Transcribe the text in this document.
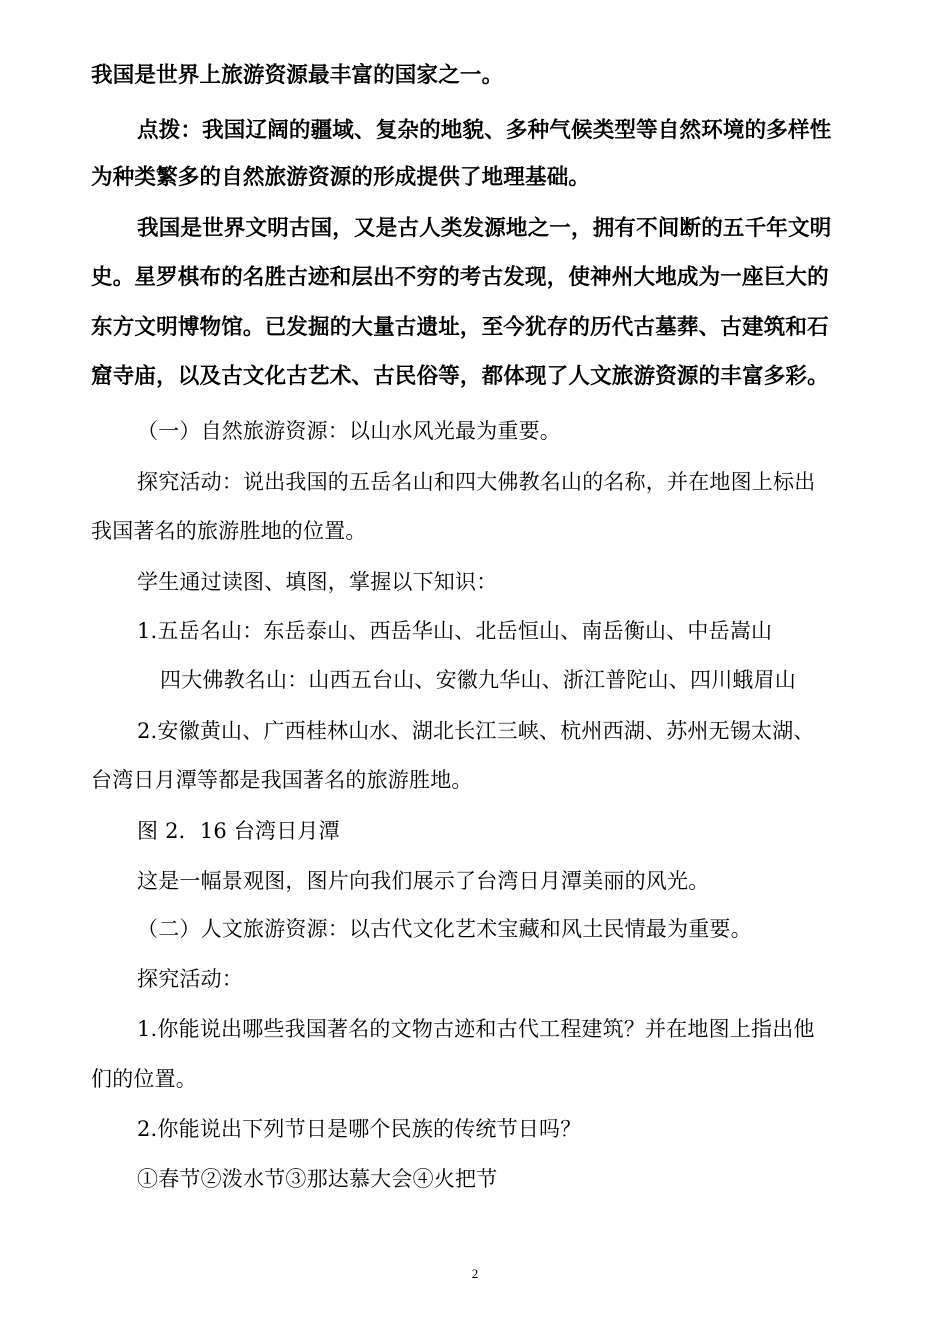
我国是世界上旅游资源最丰富的国家之一。
点拨：我国辽阔的疆域、复杂的地貌、多种气候类型等自然环境的多样性
为种类繁多的自然旅游资源的形成提供了地理基础。
我国是世界文明古国，又是古人类发源地之一，拥有不间断的五千年文明
史。星罗棋布的名胜古迹和层出不穷的考古发现，使神州大地成为一座巨大的
东方文明博物馆。已发掘的大量古遗址，至今犹存的历代古墓葬、古建筑和石
窟寺庙，以及古文化古艺术、古民俗等，都体现了人文旅游资源的丰富多彩。
（一）自然旅游资源：以山水风光最为重要。
探究活动：说出我国的五岳名山和四大佛教名山的名称，并在地图上标出
我国著名的旅游胜地的位置。
学生通过读图、填图，掌握以下知识：
1.五岳名山：东岳泰山、西岳华山、北岳恒山、南岳衡山、中岳嵩山
四大佛教名山：山西五台山、安徽九华山、浙江普陀山、四川蛾眉山
2.安徽黄山、广西桂林山水、湖北长江三峡、杭州西湖、苏州无锡太湖、
台湾日月潭等都是我国著名的旅游胜地。
图 2．16 台湾日月潭
这是一幅景观图，图片向我们展示了台湾日月潭美丽的风光。
（二）人文旅游资源：以古代文化艺术宝藏和风土民情最为重要。
探究活动：
1.你能说出哪些我国著名的文物古迹和古代工程建筑？并在地图上指出他
们的位置。
2.你能说出下列节日是哪个民族的传统节日吗？
①春节②泼水节③那达慕大会④火把节
2
